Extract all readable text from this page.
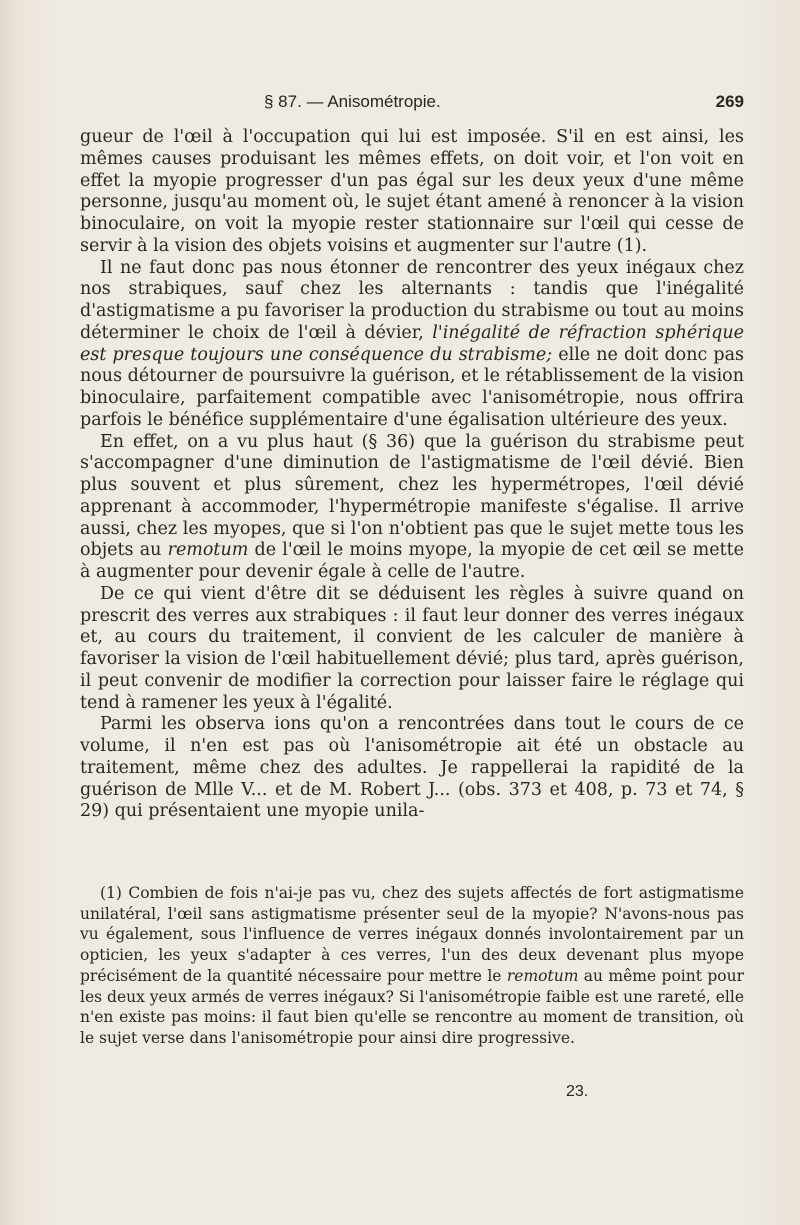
§ 87. — Anisométropie.	269

gueur de l'œil à l'occupation qui lui est imposée. S'il en est ainsi, les mêmes causes produisant les mêmes effets, on doit voir, et l'on voit en effet la myopie progresser d'un pas égal sur les deux yeux d'une même personne, jusqu'au moment où, le sujet étant amené à renoncer à la vision binoculaire, on voit la myopie rester stationnaire sur l'œil qui cesse de servir à la vision des objets voisins et augmenter sur l'autre (1).

Il ne faut donc pas nous étonner de rencontrer des yeux inégaux chez nos strabiques, sauf chez les alternants : tandis que l'inégalité d'astigmatisme a pu favoriser la production du strabisme ou tout au moins déterminer le choix de l'œil à dévier, l'inégalité de réfraction sphérique est presque toujours une conséquence du strabisme; elle ne doit donc pas nous détourner de poursuivre la guérison, et le rétablissement de la vision binoculaire, parfaitement compatible avec l'anisométropie, nous offrira parfois le bénéfice supplémentaire d'une égalisation ultérieure des yeux.

En effet, on a vu plus haut (§ 36) que la guérison du strabisme peut s'accompagner d'une diminution de l'astigmatisme de l'œil dévié. Bien plus souvent et plus sûrement, chez les hypermétropes, l'œil dévié apprenant à accommoder, l'hypermétropie manifeste s'égalise. Il arrive aussi, chez les myopes, que si l'on n'obtient pas que le sujet mette tous les objets au remotum de l'œil le moins myope, la myopie de cet œil se mette à augmenter pour devenir égale à celle de l'autre.

De ce qui vient d'être dit se déduisent les règles à suivre quand on prescrit des verres aux strabiques : il faut leur donner des verres inégaux et, au cours du traitement, il convient de les calculer de manière à favoriser la vision de l'œil habituellement dévié; plus tard, après guérison, il peut convenir de modifier la correction pour laisser faire le réglage qui tend à ramener les yeux à l'égalité.

Parmi les observa ions qu'on a rencontrées dans tout le cours de ce volume, il n'en est pas où l'anisométropie ait été un obstacle au traitement, même chez des adultes. Je rappellerai la rapidité de la guérison de Mlle V... et de M. Robert J... (obs. 373 et 408, p. 73 et 74, § 29) qui présentaient une myopie unila-

(1) Combien de fois n'ai-je pas vu, chez des sujets affectés de fort astigmatisme unilatéral, l'œil sans astigmatisme présenter seul de la myopie? N'avons-nous pas vu également, sous l'influence de verres inégaux donnés involontairement par un opticien, les yeux s'adapter à ces verres, l'un des deux devenant plus myope précisément de la quantité nécessaire pour mettre le remotum au même point pour les deux yeux armés de verres inégaux? Si l'anisométropie faible est une rareté, elle n'en existe pas moins: il faut bien qu'elle se rencontre au moment de transition, où le sujet verse dans l'anisométropie pour ainsi dire progressive.

23.
